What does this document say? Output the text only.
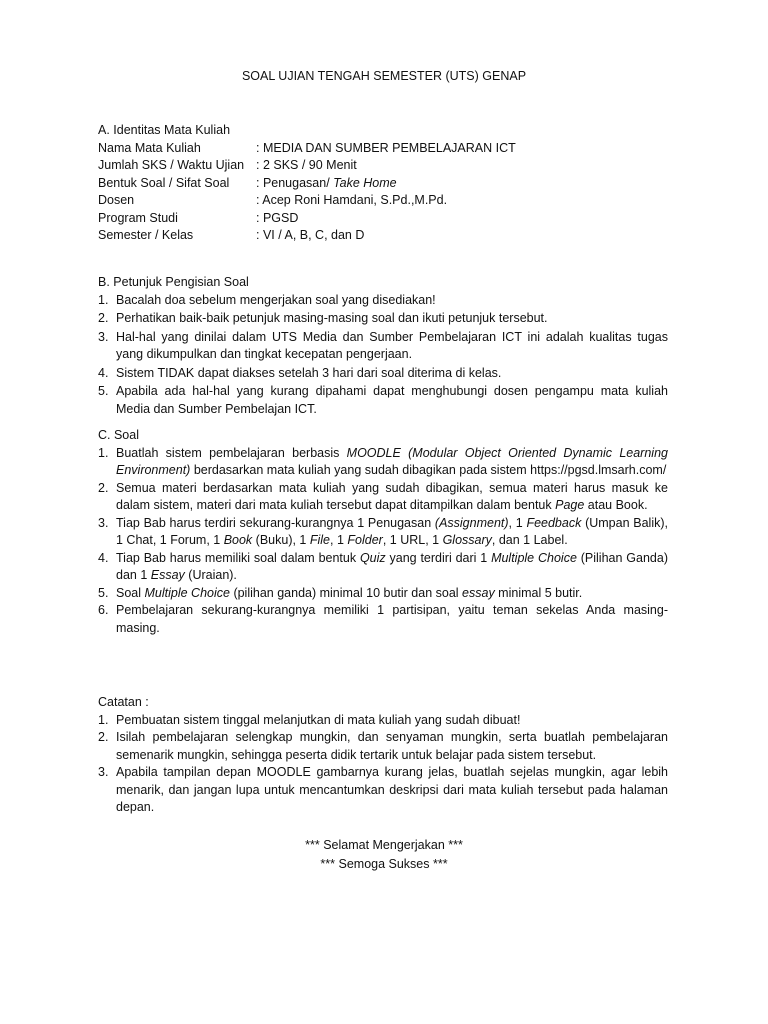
SOAL UJIAN TENGAH SEMESTER (UTS) GENAP
A. Identitas Mata Kuliah
Nama Mata Kuliah	: MEDIA DAN SUMBER PEMBELAJARAN ICT
Jumlah SKS / Waktu Ujian : 2 SKS / 90 Menit
Bentuk Soal / Sifat Soal	: Penugasan/ Take Home
Dosen	: Acep Roni Hamdani, S.Pd.,M.Pd.
Program Studi	: PGSD
Semester / Kelas	: VI / A, B, C, dan D
B. Petunjuk Pengisian Soal
1. Bacalah doa sebelum mengerjakan soal yang disediakan!
2. Perhatikan baik-baik petunjuk masing-masing soal dan ikuti petunjuk tersebut.
3. Hal-hal yang dinilai dalam UTS Media dan Sumber Pembelajaran ICT ini adalah kualitas tugas yang dikumpulkan dan tingkat kecepatan pengerjaan.
4. Sistem TIDAK dapat diakses setelah 3 hari dari soal diterima di kelas.
5. Apabila ada hal-hal yang kurang dipahami dapat menghubungi dosen pengampu mata kuliah Media dan Sumber Pembelajan ICT.
C. Soal
1. Buatlah sistem pembelajaran berbasis MOODLE (Modular Object Oriented Dynamic Learning Environment) berdasarkan mata kuliah yang sudah dibagikan pada sistem https://pgsd.lmsarh.com/
2. Semua materi berdasarkan mata kuliah yang sudah dibagikan, semua materi harus masuk ke dalam sistem, materi dari mata kuliah tersebut dapat ditampilkan dalam bentuk Page atau Book.
3. Tiap Bab harus terdiri sekurang-kurangnya 1 Penugasan (Assignment), 1 Feedback (Umpan Balik), 1 Chat, 1 Forum, 1 Book (Buku), 1 File, 1 Folder, 1 URL, 1 Glossary, dan 1 Label.
4. Tiap Bab harus memiliki soal dalam bentuk Quiz yang terdiri dari 1 Multiple Choice (Pilihan Ganda) dan 1 Essay (Uraian).
5. Soal Multiple Choice (pilihan ganda) minimal 10 butir dan soal essay minimal 5 butir.
6. Pembelajaran sekurang-kurangnya memiliki 1 partisipan, yaitu teman sekelas Anda masing-masing.
Catatan :
1. Pembuatan sistem tinggal melanjutkan di mata kuliah yang sudah dibuat!
2. Isilah pembelajaran selengkap mungkin, dan senyaman mungkin, serta buatlah pembelajaran semenarik mungkin, sehingga peserta didik tertarik untuk belajar pada sistem tersebut.
3. Apabila tampilan depan MOODLE gambarnya kurang jelas, buatlah sejelas mungkin, agar lebih menarik, dan jangan lupa untuk mencantumkan deskripsi dari mata kuliah tersebut pada halaman depan.
*** Selamat Mengerjakan ***
*** Semoga Sukses ***
